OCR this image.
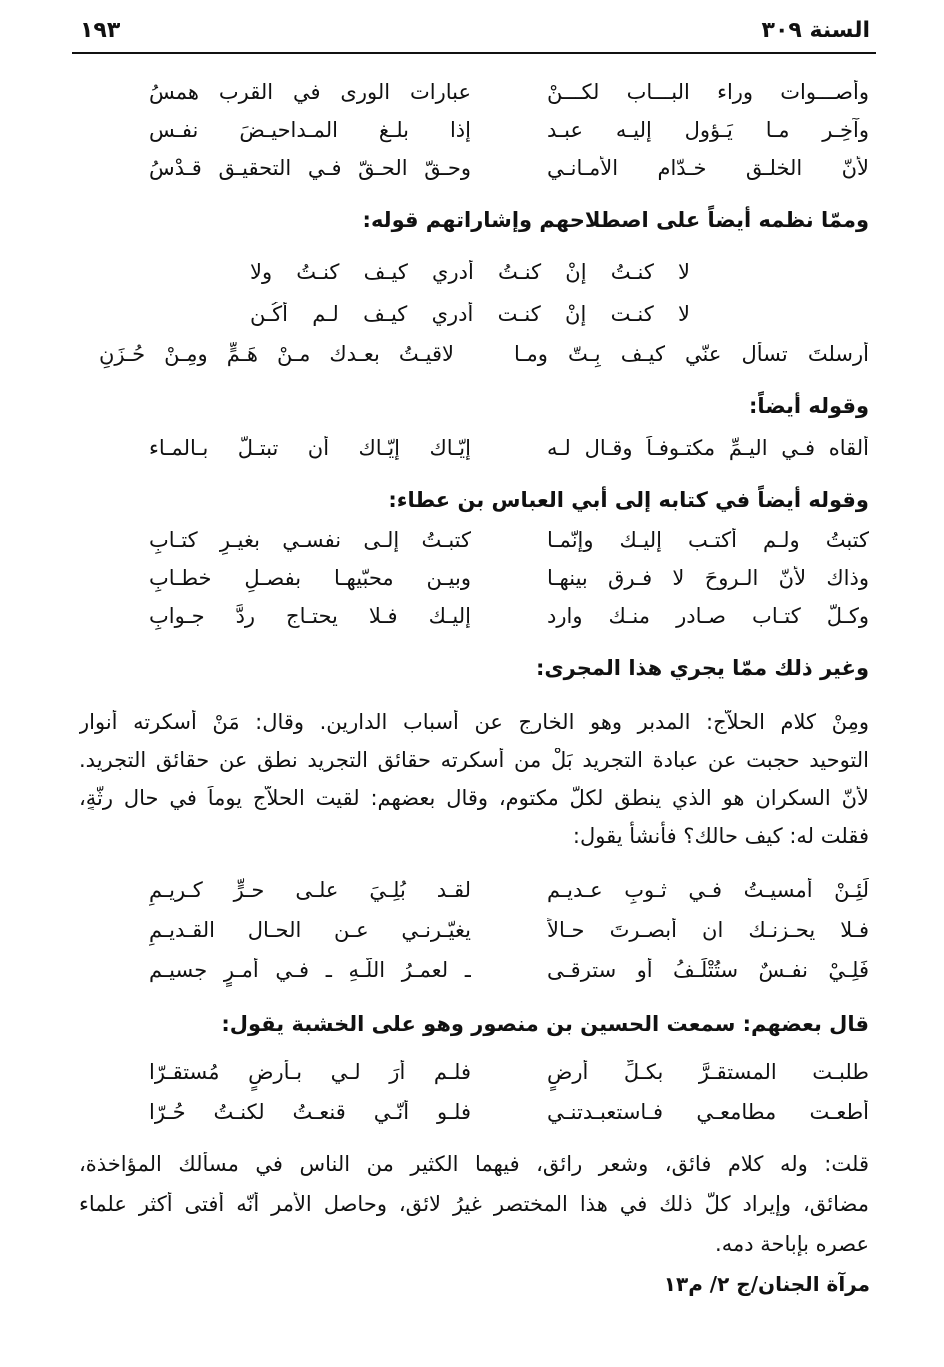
السنة ٣٠٩
١٩٣
وأصـــوات وراء البـــاب لكـــنْ
عبارات الورى في القرب همسُ
وآخِـر مـا يَـؤول إليـه عبـد
إذا بلـغ المـداحيـضَ نفـس
لأنّ الخلـق خـدّام الأمـانـي
وحـقّ الحـقّ فـي التحقيـق قـدْسُ
وممّا نظمه أيضاً على اصطلاحهم وإشاراتهم قوله:
لا كنـتُ إنْ كنـتُ أدري كيـف كنـتُ ولا
لا كنـت إنْ كنـت أدري كيـف لـم أكُـن
أرسلتَ تسأل عنّي كيـف بِـتّ ومـا
لاقيـتُ بعـدك مـنْ هَـمٍّ ومِـنْ حُـزَنِ
وقوله أيضاً:
ألقاه فـي اليـمِّ مكتـوفـاً وقـال لـه
إيّـاك إيّـاك أن تبتـلَّ بـالمـاء
وقوله أيضاً في كتابه إلى أبي العباس بن عطاء:
كتبتُ ولـم أكتـب إليـك وإنّمـا
كتبـتُ إلـى نفسـي بغيـرِ كتـابِ
وذاك لأنّ الـروحَ لا فـرق بينهـا
وبيـن محبّيهـا بفصـلِ خطـابِ
وكـلّ كتـاب صـادر منـك وارد
إليـك فـلا يحتـاج ردَّ جـوابِ
وغير ذلك ممّا يجري هذا المجرى:
ومِنْ كلام الحلاّج: المدبر وهو الخارج عن أسباب الدارين. وقال: مَنْ أسكرته أنوار
التوحيد حجبت عن عبادة التجريد بَلْ من أسكرته حقائق التجريد نطق عن حقائق التجريد.
لأنّ السكران هو الذي ينطق لكلّ مكتوم، وقال بعضهم: لقيت الحلاّج يوماً في حالِ رثّةٍ،
فقلت له: كيف حالك؟ فأنشأ يقول:
لَئِـنْ أمسيـتُ فـي ثـوبِ عـديـم
لقـد بُلِـيَ علـى حـرٍّ كـريـمِ
فـلا يحـزنـك ان أبصـرتَ حـالاً
يغيّـرنـي عـن الحـال القـديـمِ
فَلِـيْ نفـسٌ ستُتْلَـفُ أو سترقـى
ـ لعمـرُ اللّـهِ ـ فـي أمـرٍ جسيـم
قال بعضهم: سمعت الحسين بن منصور وهو على الخشبة يقول:
طلبـت المستقـرَّ بكـلِّ أرضٍ
فلـم أرَ لـي بـأرضٍ مُستقـرّا
أطعـت مطامعـي فـاستعبـدتنـي
فلـو أنّـي قنعـتُ لكنـتُ حُـرّا
قلت: وله كلام فائق، وشعر رائق، فيهما الكثير من الناس في مسألك المؤاخذة،
مضائق، وإيراد كلّ ذلك في هذا المختصر غيرُ لائق، وحاصل الأمر أنّه أفتى أكثر علماء
عصره بإباحة دمه.
مرآة الجنان/ج ٢/ م١٣
